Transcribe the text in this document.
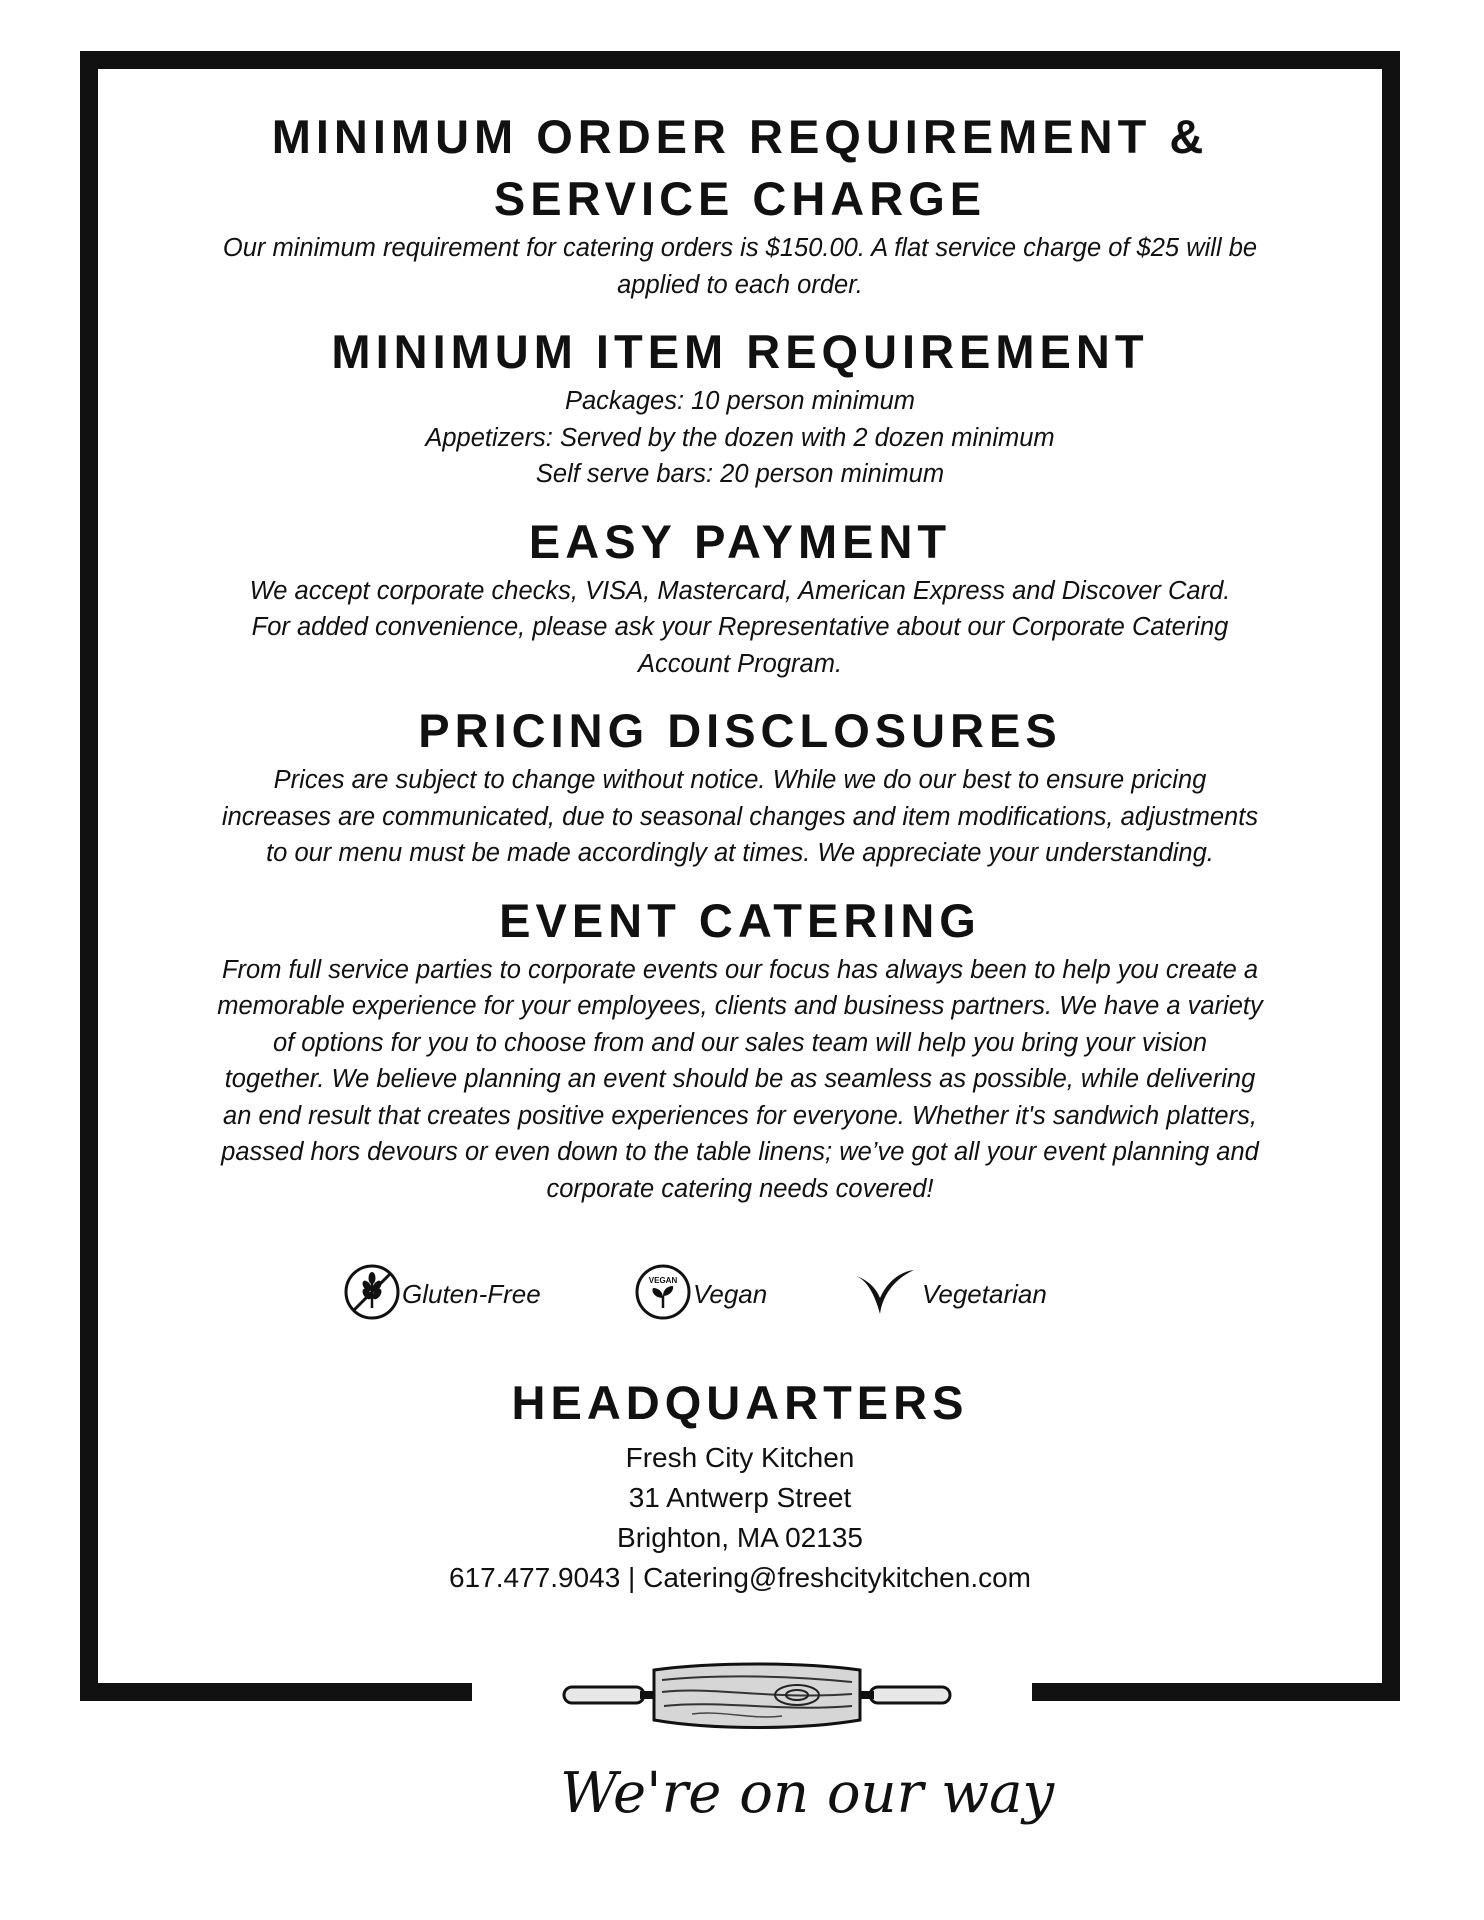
MINIMUM ORDER REQUIREMENT &
SERVICE CHARGE

Our minimum requirement for catering orders is $150.00. A flat service charge of $25 will be

applied to each order.

MINIMUM ITEM REQUIREMENT

Packages: 10 person minimum

Appetizers: Served by the dozen with 2 dozen minimum

Self serve bars: 20 person minimum

EASY PAYMENT

We accept corporate checks, VISA, Mastercard, American Express and Discover Card.

For added convenience, please ask your Representative about our Corporate Catering

Account Program.

PRICING DISCLOSURES

Prices are subject to change without notice. While we do our best to ensure pricing

increases are communicated, due to seasonal changes and item modifications, adjustments

to our menu must be made accordingly at times. We appreciate your understanding.

EVENT CATERING

From full service parties to corporate events our focus has always been to help you create a

memorable experience for your employees, clients and business partners. We have a variety

of options for you to choose from and our sales team will help you bring your vision

together. We believe planning an event should be as seamless as possible, while delivering

an end result that creates positive experiences for everyone. Whether it's sandwich platters,

passed hors devours or even down to the table linens; we’ve got all your event planning and

corporate catering needs covered!

Gluten-Free	VEGAN Vegan	Vegetarian
HEADQUARTERS
Fresh City Kitchen
31 Antwerp Street
Brighton, MA 02135
617.477.9043 | Catering@freshcitykitchen.com
We're on our way
